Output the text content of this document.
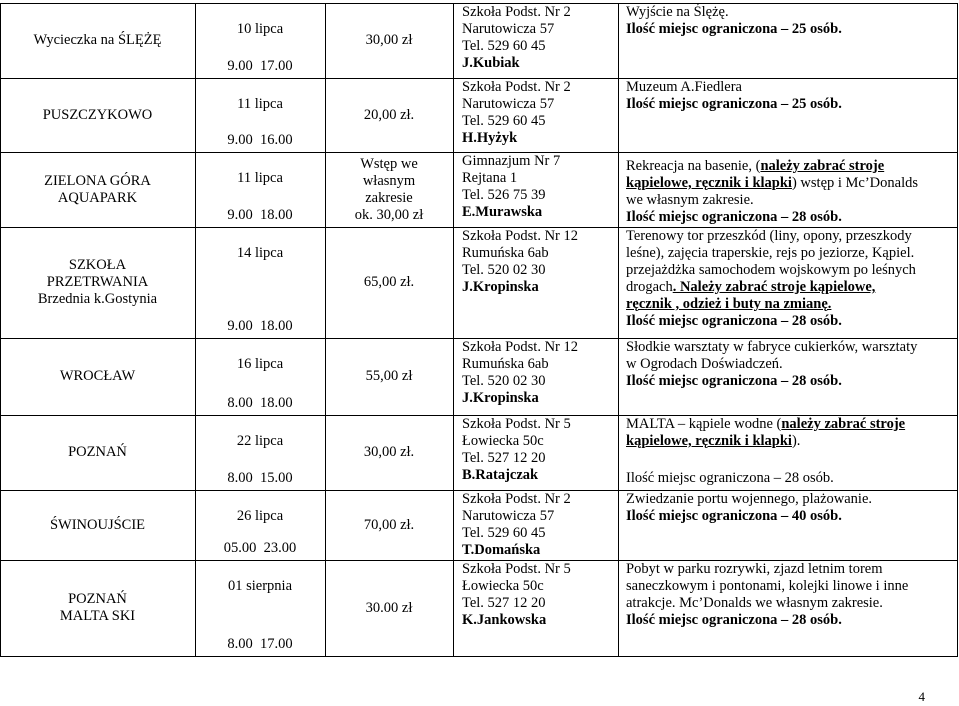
Wycieczka na ŚLĘŻĘ
10 lipca
9.00  17.00
30,00 zł
Szkoła Podst. Nr 2
Narutowicza 57
Tel. 529 60 45
J.Kubiak
Wyjście na Ślężę.
Ilość miejsc ograniczona – 25 osób.
PUSZCZYKOWO
11 lipca
9.00  16.00
20,00 zł.
Szkoła Podst. Nr 2
Narutowicza 57
Tel. 529 60 45
H.Hyżyk
Muzeum A.Fiedlera
Ilość miejsc ograniczona – 25 osób.
ZIELONA GÓRA
AQUAPARK
11 lipca
9.00  18.00
Wstęp we
własnym
zakresie
ok. 30,00 zł
Gimnazjum Nr 7
Rejtana 1
Tel. 526 75 39
E.Murawska
Rekreacja na basenie, (należy zabrać stroje
kąpielowe, ręcznik i klapki) wstęp i Mc’Donalds
we własnym zakresie.
Ilość miejsc ograniczona – 28 osób.
SZKOŁA
PRZETRWANIA
Brzednia k.Gostynia
14 lipca
9.00  18.00
65,00 zł.
Szkoła Podst. Nr 12
Rumuńska 6ab
Tel. 520 02 30
J.Kropinska
Terenowy tor przeszkód (liny, opony, przeszkody
leśne), zajęcia traperskie, rejs po jeziorze, Kąpiel.
przejażdżka samochodem wojskowym po leśnych
drogach. Należy zabrać stroje kąpielowe,
ręcznik , odzież i buty na zmianę.
Ilość miejsc ograniczona – 28 osób.
WROCŁAW
16 lipca
8.00  18.00
55,00 zł
Szkoła Podst. Nr 12
Rumuńska 6ab
Tel. 520 02 30
J.Kropinska
Słodkie warsztaty w fabryce cukierków, warsztaty
w Ogrodach Doświadczeń.
Ilość miejsc ograniczona – 28 osób.
POZNAŃ
22 lipca
8.00  15.00
30,00 zł.
Szkoła Podst. Nr 5
Łowiecka 50c
Tel. 527 12 20
B.Ratajczak
MALTA – kąpiele wodne (należy zabrać stroje
kąpielowe, ręcznik i klapki).
Ilość miejsc ograniczona – 28 osób.
ŚWINOUJŚCIE
26 lipca
05.00  23.00
70,00 zł.
Szkoła Podst. Nr 2
Narutowicza 57
Tel. 529 60 45
T.Domańska
Zwiedzanie portu wojennego, plażowanie.
Ilość miejsc ograniczona – 40 osób.
POZNAŃ
MALTA SKI
01 sierpnia
8.00  17.00
30.00 zł
Szkoła Podst. Nr 5
Łowiecka 50c
Tel. 527 12 20
K.Jankowska
Pobyt w parku rozrywki, zjazd letnim torem
saneczkowym i pontonami, kolejki linowe i inne
atrakcje. Mc’Donalds we własnym zakresie.
Ilość miejsc ograniczona – 28 osób.
4
